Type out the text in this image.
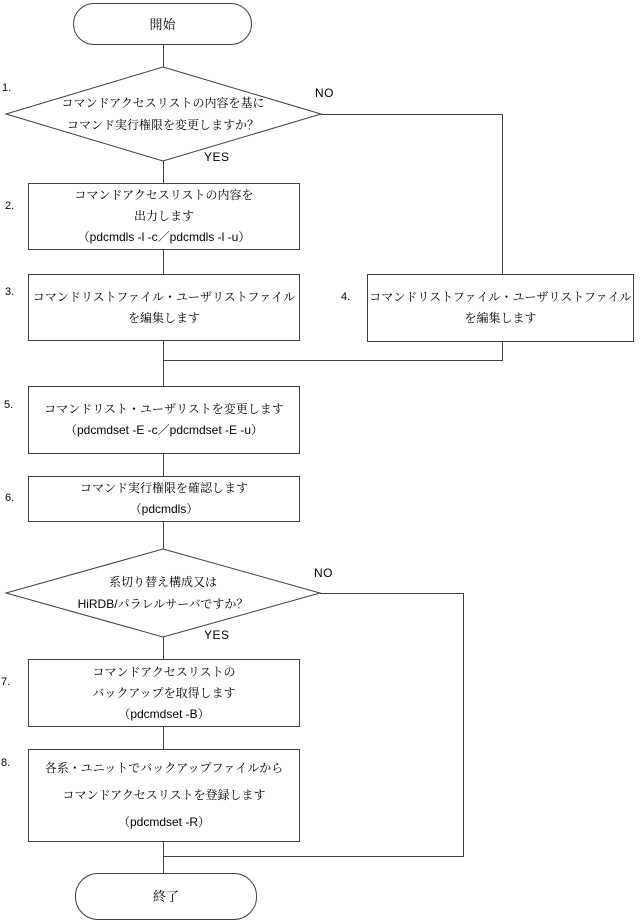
開始
1.
コマンドアクセスリストの内容を基に
コマンド実行権限を変更しますか？
NO
YES
2.
コマンドアクセスリストの内容を
出力します
（pdcmdls -l -c／pdcmdls -l -u）
3. コマンドリストファイル・ユーザリストファイル
を編集します
4. コマンドリストファイル・ユーザリストファイル
を編集します
5.	コマンドリスト・ユーザリストを変更します
（pdcmdset -E -c／pdcmdset -E -u）
6.
コマンド実行権限を確認します
（pdcmdls）
系切り替え構成又は
HiRDB/パラレルサーバですか？
NO
YES
7.
コマンドアクセスリストの
バックアップを取得します
（pdcmdset -B）
8.	各系・ユニットでバックアップファイルから
コマンドアクセスリストを登録します
（pdcmdset -R）
終了
